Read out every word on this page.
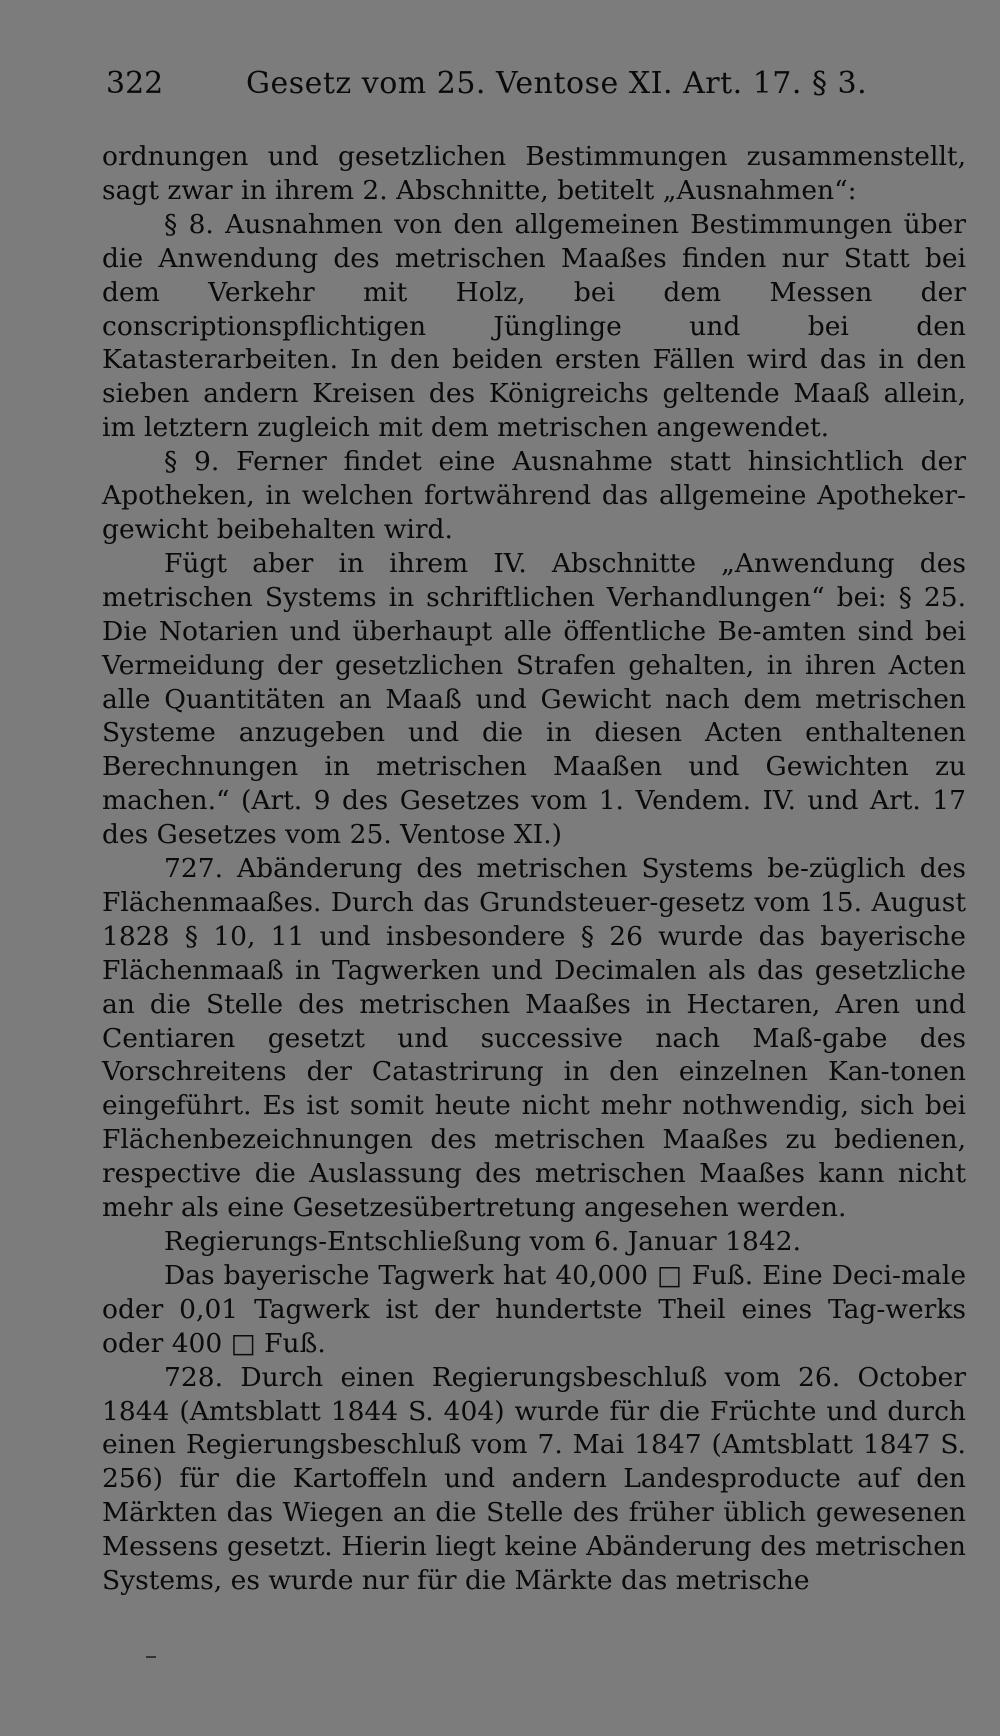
322	Gesetz vom 25. Ventose XI. Art. 17. § 3.

ordnungen und gesetzlichen Bestimmungen zusammenstellt, sagt zwar in ihrem 2. Abschnitte, betitelt „Ausnahmen“:

§ 8. Ausnahmen von den allgemeinen Bestimmungen über die Anwendung des metrischen Maaßes finden nur Statt bei dem Verkehr mit Holz, bei dem Messen der conscriptionspflichtigen Jünglinge und bei den Katasterarbeiten. In den beiden ersten Fällen wird das in den sieben andern Kreisen des Königreichs geltende Maaß allein, im letztern zugleich mit dem metrischen angewendet.

§ 9. Ferner findet eine Ausnahme statt hinsichtlich der Apotheken, in welchen fortwährend das allgemeine Apotheker-gewicht beibehalten wird.

Fügt aber in ihrem IV. Abschnitte „Anwendung des metrischen Systems in schriftlichen Verhandlungen“ bei: § 25. Die Notarien und überhaupt alle öffentliche Be-amten sind bei Vermeidung der gesetzlichen Strafen gehalten, in ihren Acten alle Quantitäten an Maaß und Gewicht nach dem metrischen Systeme anzugeben und die in diesen Acten enthaltenen Berechnungen in metrischen Maaßen und Gewichten zu machen.“ (Art. 9 des Gesetzes vom 1. Vendem. IV. und Art. 17 des Gesetzes vom 25. Ventose XI.)

727. Abänderung des metrischen Systems be-züglich des Flächenmaaßes. Durch das Grundsteuer-gesetz vom 15. August 1828 § 10, 11 und insbesondere § 26 wurde das bayerische Flächenmaaß in Tagwerken und Decimalen als das gesetzliche an die Stelle des metrischen Maaßes in Hectaren, Aren und Centiaren gesetzt und successive nach Maß-gabe des Vorschreitens der Catastrirung in den einzelnen Kan-tonen eingeführt. Es ist somit heute nicht mehr nothwendig, sich bei Flächenbezeichnungen des metrischen Maaßes zu bedienen, respective die Auslassung des metrischen Maaßes kann nicht mehr als eine Gesetzesübertretung angesehen werden.

Regierungs-Entschließung vom 6. Januar 1842.

Das bayerische Tagwerk hat 40,000 □ Fuß. Eine Deci-male oder 0,01 Tagwerk ist der hundertste Theil eines Tag-werks oder 400 □ Fuß.

728. Durch einen Regierungsbeschluß vom 26. October 1844 (Amtsblatt 1844 S. 404) wurde für die Früchte und durch einen Regierungsbeschluß vom 7. Mai 1847 (Amtsblatt 1847 S. 256) für die Kartoffeln und andern Landesproducte auf den Märkten das Wiegen an die Stelle des früher üblich gewesenen Messens gesetzt. Hierin liegt keine Abänderung des metrischen Systems, es wurde nur für die Märkte das metrische
